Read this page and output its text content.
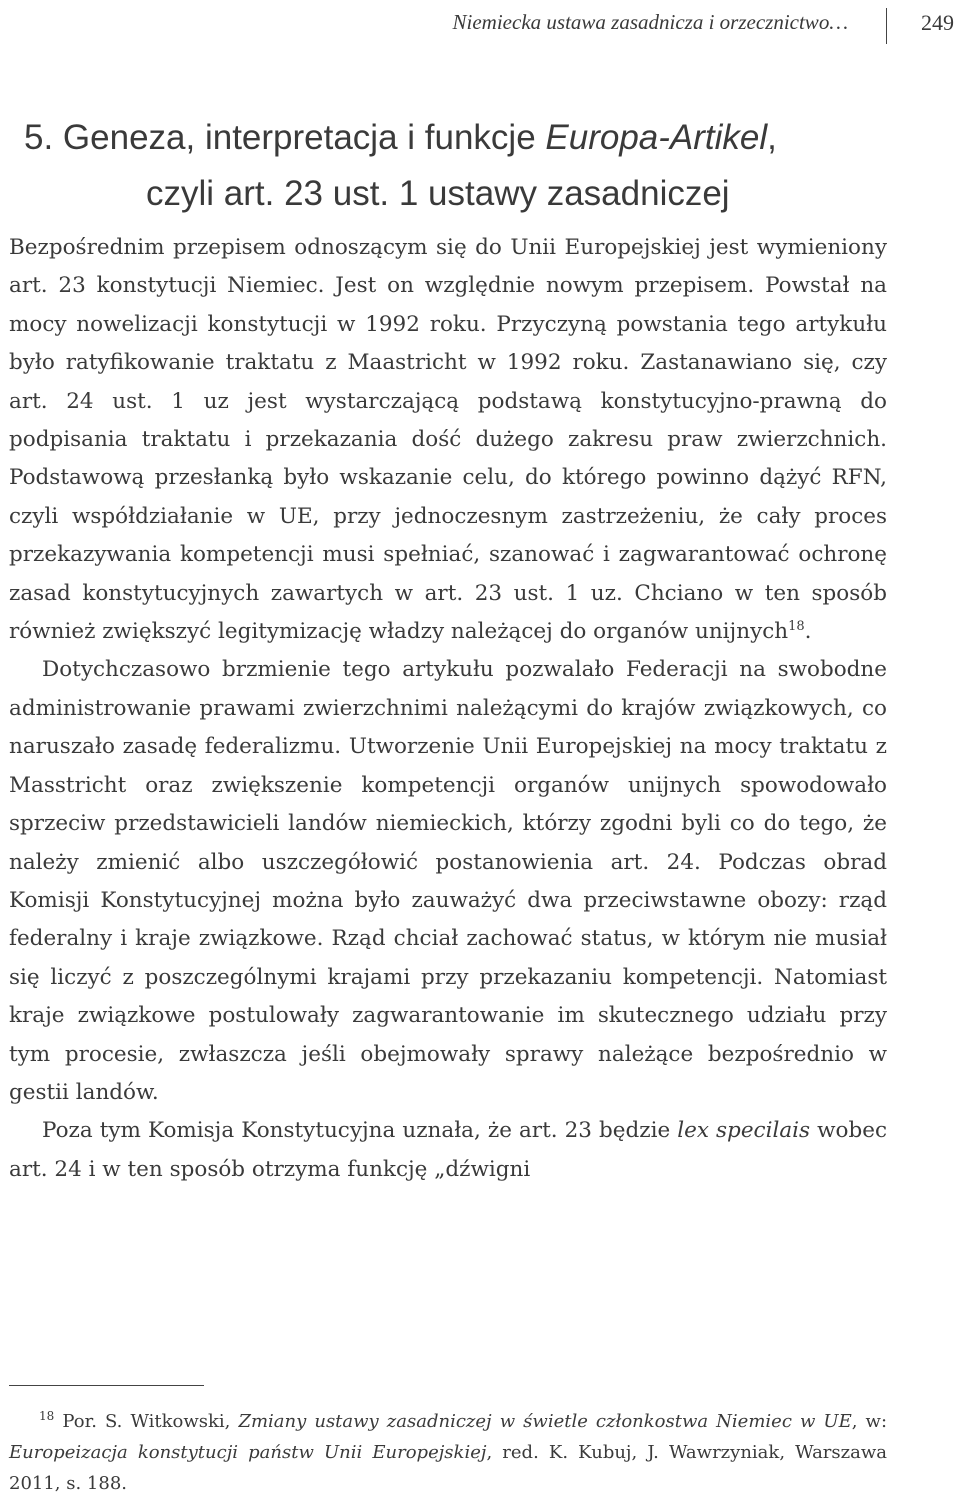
Niemiecka ustawa zasadnicza i orzecznictwo…	249
5. Geneza, interpretacja i funkcje Europa-Artikel,
czyli art. 23 ust. 1 ustawy zasadniczej

Bezpośrednim przepisem odnoszącym się do Unii Europejskiej jest wymieniony art. 23 konstytucji Niemiec. Jest on względnie nowym przepisem. Powstał na mocy nowelizacji konstytucji w 1992 roku. Przyczyną powstania tego artykułu było ratyfikowanie traktatu z Maastricht w 1992 roku. Zastanawiano się, czy art. 24 ust. 1 uz jest wystarczającą podstawą konstytucyjno-prawną do podpisania traktatu i przekazania dość dużego zakresu praw zwierzchnich. Podstawową przesłanką było wskazanie celu, do którego powinno dążyć RFN, czyli współdziałanie w UE, przy jednoczesnym zastrzeżeniu, że cały proces przekazywania kompetencji musi spełniać, szanować i zagwarantować ochronę zasad konstytucyjnych zawartych w art. 23 ust. 1 uz. Chciano w ten sposób również zwiększyć legitymizację władzy należącej do organów unijnych$^{18}$.

Dotychczasowo brzmienie tego artykułu pozwalało Federacji na swobodne administrowanie prawami zwierzchnimi należącymi do krajów związkowych, co naruszało zasadę federalizmu. Utworzenie Unii Europejskiej na mocy traktatu z Masstricht oraz zwiększenie kompetencji organów unijnych spowodowało sprzeciw przedstawicieli landów niemieckich, którzy zgodni byli co do tego, że należy zmienić albo uszczegółowić postanowienia art. 24. Podczas obrad Komisji Konstytucyjnej można było zauważyć dwa przeciwstawne obozy: rząd federalny i kraje związkowe. Rząd chciał zachować status, w którym nie musiał się liczyć z poszczególnymi krajami przy przekazaniu kompetencji. Natomiast kraje związkowe postulowały zagwarantowanie im skutecznego udziału przy tym procesie, zwłaszcza jeśli obejmowały sprawy należące bezpośrednio w gestii landów.

Poza tym Komisja Konstytucyjna uznała, że art. 23 będzie lex specilais wobec art. 24 i w ten sposób otrzyma funkcję „dźwigni

$^{18}$ Por. S. Witkowski, Zmiany ustawy zasadniczej w świetle członkostwa Niemiec w UE, w: Europeizacja konstytucji państw Unii Europejskiej, red. K. Kubuj, J. Wawrzyniak, Warszawa 2011, s. 188.
